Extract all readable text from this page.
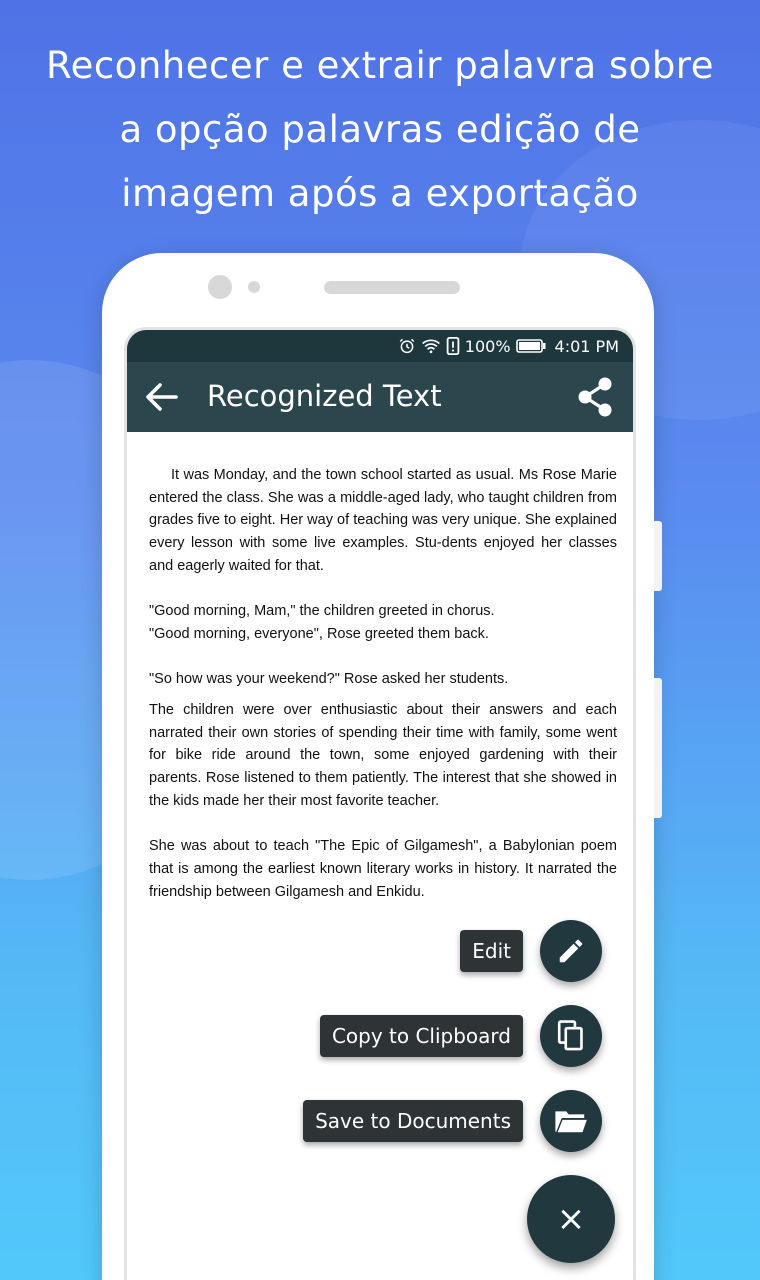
Reconhecer e extrair palavra sobre
a opção palavras edição de
imagem após a exportação
100%	4:01 PM
Recognized Text

It was Monday, and the town school started as usual. Ms Rose Marie entered the class. She was a middle-aged lady, who taught children from grades five to eight. Her way of teaching was very unique. She explained every lesson with some live examples. Stu-dents enjoyed her classes and eagerly waited for that.

"Good morning, Mam," the children greeted in chorus.

"Good morning, everyone", Rose greeted them back.

"So how was your weekend?" Rose asked her students.

The children were over enthusiastic about their answers and each narrated their own stories of spending their time with family, some went for bike ride around the town, some enjoyed gardening with their parents. Rose listened to them patiently. The interest that she showed in the kids made her their most favorite teacher.

She was about to teach "The Epic of Gilgamesh", a Babylonian poem that is among the earliest known literary works in history. It narrated the friendship between Gilgamesh and Enkidu.

Edit
Copy to Clipboard
Save to Documents
×
